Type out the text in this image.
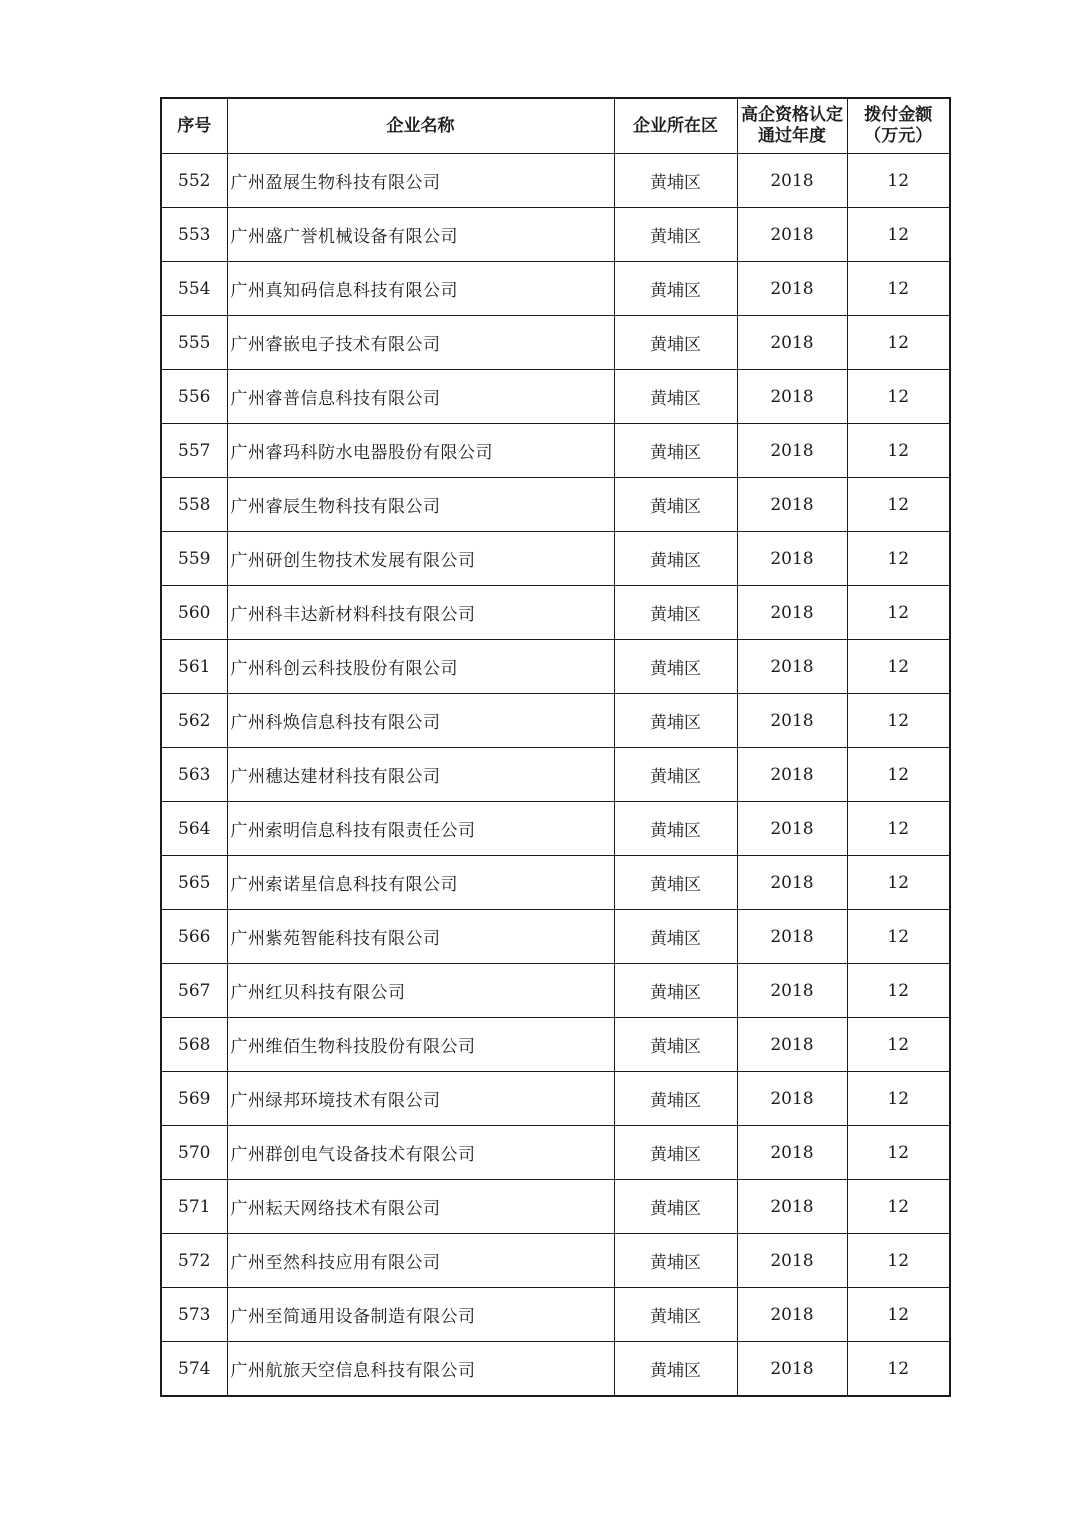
序号	企业名称	企业所在区	高企资格认定通过年度	拨付金额（万元）

552	广州盈展生物科技有限公司	黄埔区	2018	12
553	广州盛广誉机械设备有限公司	黄埔区	2018	12
554	广州真知码信息科技有限公司	黄埔区	2018	12
555	广州睿嵌电子技术有限公司	黄埔区	2018	12
556	广州睿普信息科技有限公司	黄埔区	2018	12
557	广州睿玛科防水电器股份有限公司	黄埔区	2018	12
558	广州睿辰生物科技有限公司	黄埔区	2018	12
559	广州研创生物技术发展有限公司	黄埔区	2018	12
560	广州科丰达新材料科技有限公司	黄埔区	2018	12
561	广州科创云科技股份有限公司	黄埔区	2018	12
562	广州科焕信息科技有限公司	黄埔区	2018	12
563	广州穗达建材科技有限公司	黄埔区	2018	12
564	广州索明信息科技有限责任公司	黄埔区	2018	12
565	广州索诺星信息科技有限公司	黄埔区	2018	12
566	广州紫苑智能科技有限公司	黄埔区	2018	12
567	广州红贝科技有限公司	黄埔区	2018	12
568	广州维佰生物科技股份有限公司	黄埔区	2018	12
569	广州绿邦环境技术有限公司	黄埔区	2018	12
570	广州群创电气设备技术有限公司	黄埔区	2018	12
571	广州耘天网络技术有限公司	黄埔区	2018	12
572	广州至然科技应用有限公司	黄埔区	2018	12
573	广州至简通用设备制造有限公司	黄埔区	2018	12
574	广州航旅天空信息科技有限公司	黄埔区	2018	12
